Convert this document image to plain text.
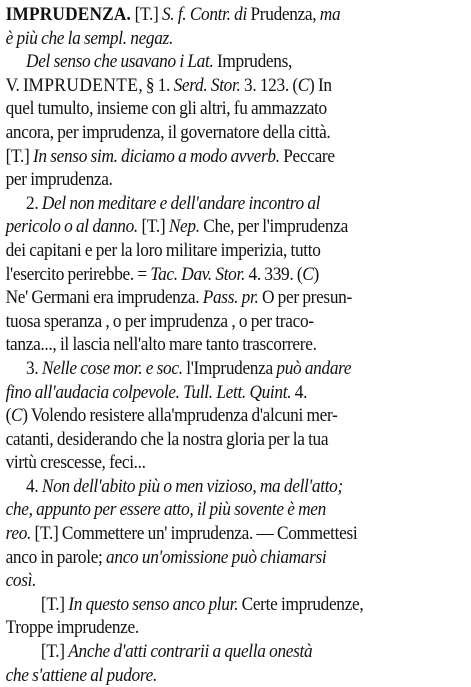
IMPRUDENZA. [T.] S. f. Contr. di Prudenza, ma
è più che la sempl. negaz.
Del senso che usavano i Lat. Imprudens,
V. IMPRUDENTE, § 1. Serd. Stor. 3. 123. (C) In
quel tumulto, insieme con gli altri, fu ammazzato
ancora, per imprudenza, il governatore della città.
[T.] In senso sim. diciamo a modo avverb. Peccare
per imprudenza.
2. Del non meditare e dell'andare incontro al
pericolo o al danno. [T.] Nep. Che, per l'imprudenza
dei capitani e per la loro militare imperizia, tutto
l'esercito perirebbe. = Tac. Dav. Stor. 4. 339. (C)
Ne' Germani era imprudenza. Pass. pr. O per presun-
tuosa speranza , o per imprudenza , o per traco-
tanza..., il lascia nell'alto mare tanto trascorrere.
3. Nelle cose mor. e soc. l'Imprudenza può andare
fino all'audacia colpevole. Tull. Lett. Quint. 4.
(C) Volendo resistere alla'mprudenza d'alcuni mer-
catanti, desiderando che la nostra gloria per la tua
virtù crescesse, feci...
4. Non dell'abito più o men vizioso, ma dell'atto;
che, appunto per essere atto, il più sovente è men
reo. [T.] Commettere un' imprudenza. — Commettesi
anco in parole; anco un'omissione può chiamarsi
così.
[T.] In questo senso anco plur. Certe imprudenze,
Troppe imprudenze.
[T.] Anche d'atti contrarii a quella onestà
che s'attiene al pudore.
